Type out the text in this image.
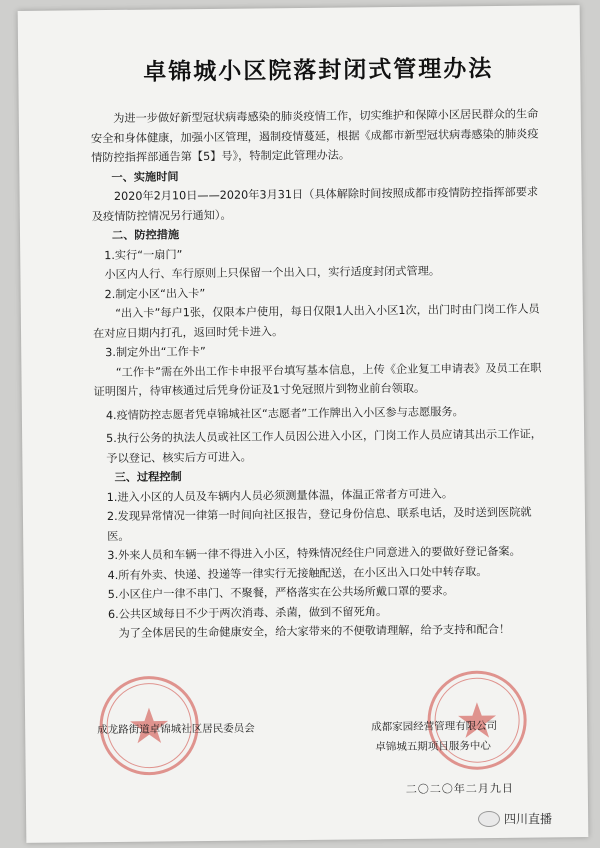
卓锦城小区院落封闭式管理办法

为进一步做好新型冠状病毒感染的肺炎疫情工作，切实维护和保障小区居民群众的生命安全和身体健康，加强小区管理，遏制疫情蔓延，根据《成都市新型冠状病毒感染的肺炎疫情防控指挥部通告第【5】号》，特制定此管理办法。

一、实施时间

2020年2月10日——2020年3月31日（具体解除时间按照成都市疫情防控指挥部要求及疫情防控情况另行通知）。

二、防控措施

1.实行“一扇门”

小区内人行、车行原则上只保留一个出入口，实行适度封闭式管理。

2.制定小区“出入卡”

“出入卡”每户1张，仅限本户使用，每日仅限1人出入小区1次，出门时由门岗工作人员在对应日期内打孔，返回时凭卡进入。

3.制定外出“工作卡”

“工作卡”需在外出工作卡申报平台填写基本信息，上传《企业复工申请表》及员工在职证明图片，待审核通过后凭身份证及1寸免冠照片到物业前台领取。

4.疫情防控志愿者凭卓锦城社区“志愿者”工作牌出入小区参与志愿服务。

5.执行公务的执法人员或社区工作人员因公进入小区，门岗工作人员应请其出示工作证，予以登记、核实后方可进入。

三、过程控制

1.进入小区的人员及车辆内人员必须测量体温，体温正常者方可进入。

2.发现异常情况一律第一时间向社区报告，登记身份信息、联系电话，及时送到医院就医。

3.外来人员和车辆一律不得进入小区，特殊情况经住户同意进入的要做好登记备案。

4.所有外卖、快递、投递等一律实行无接触配送，在小区出入口处中转存取。

5.小区住户一律不串门、不聚餐，严格落实在公共场所戴口罩的要求。

6.公共区域每日不少于两次消毒、杀菌，做到不留死角。

为了全体居民的生命健康安全，给大家带来的不便敬请理解，给予支持和配合！

成龙路街道卓锦城社区居民委员会	成都家园经营管理有限公司
卓锦城五期项目服务中心
二〇二〇年二月九日
四川直播
